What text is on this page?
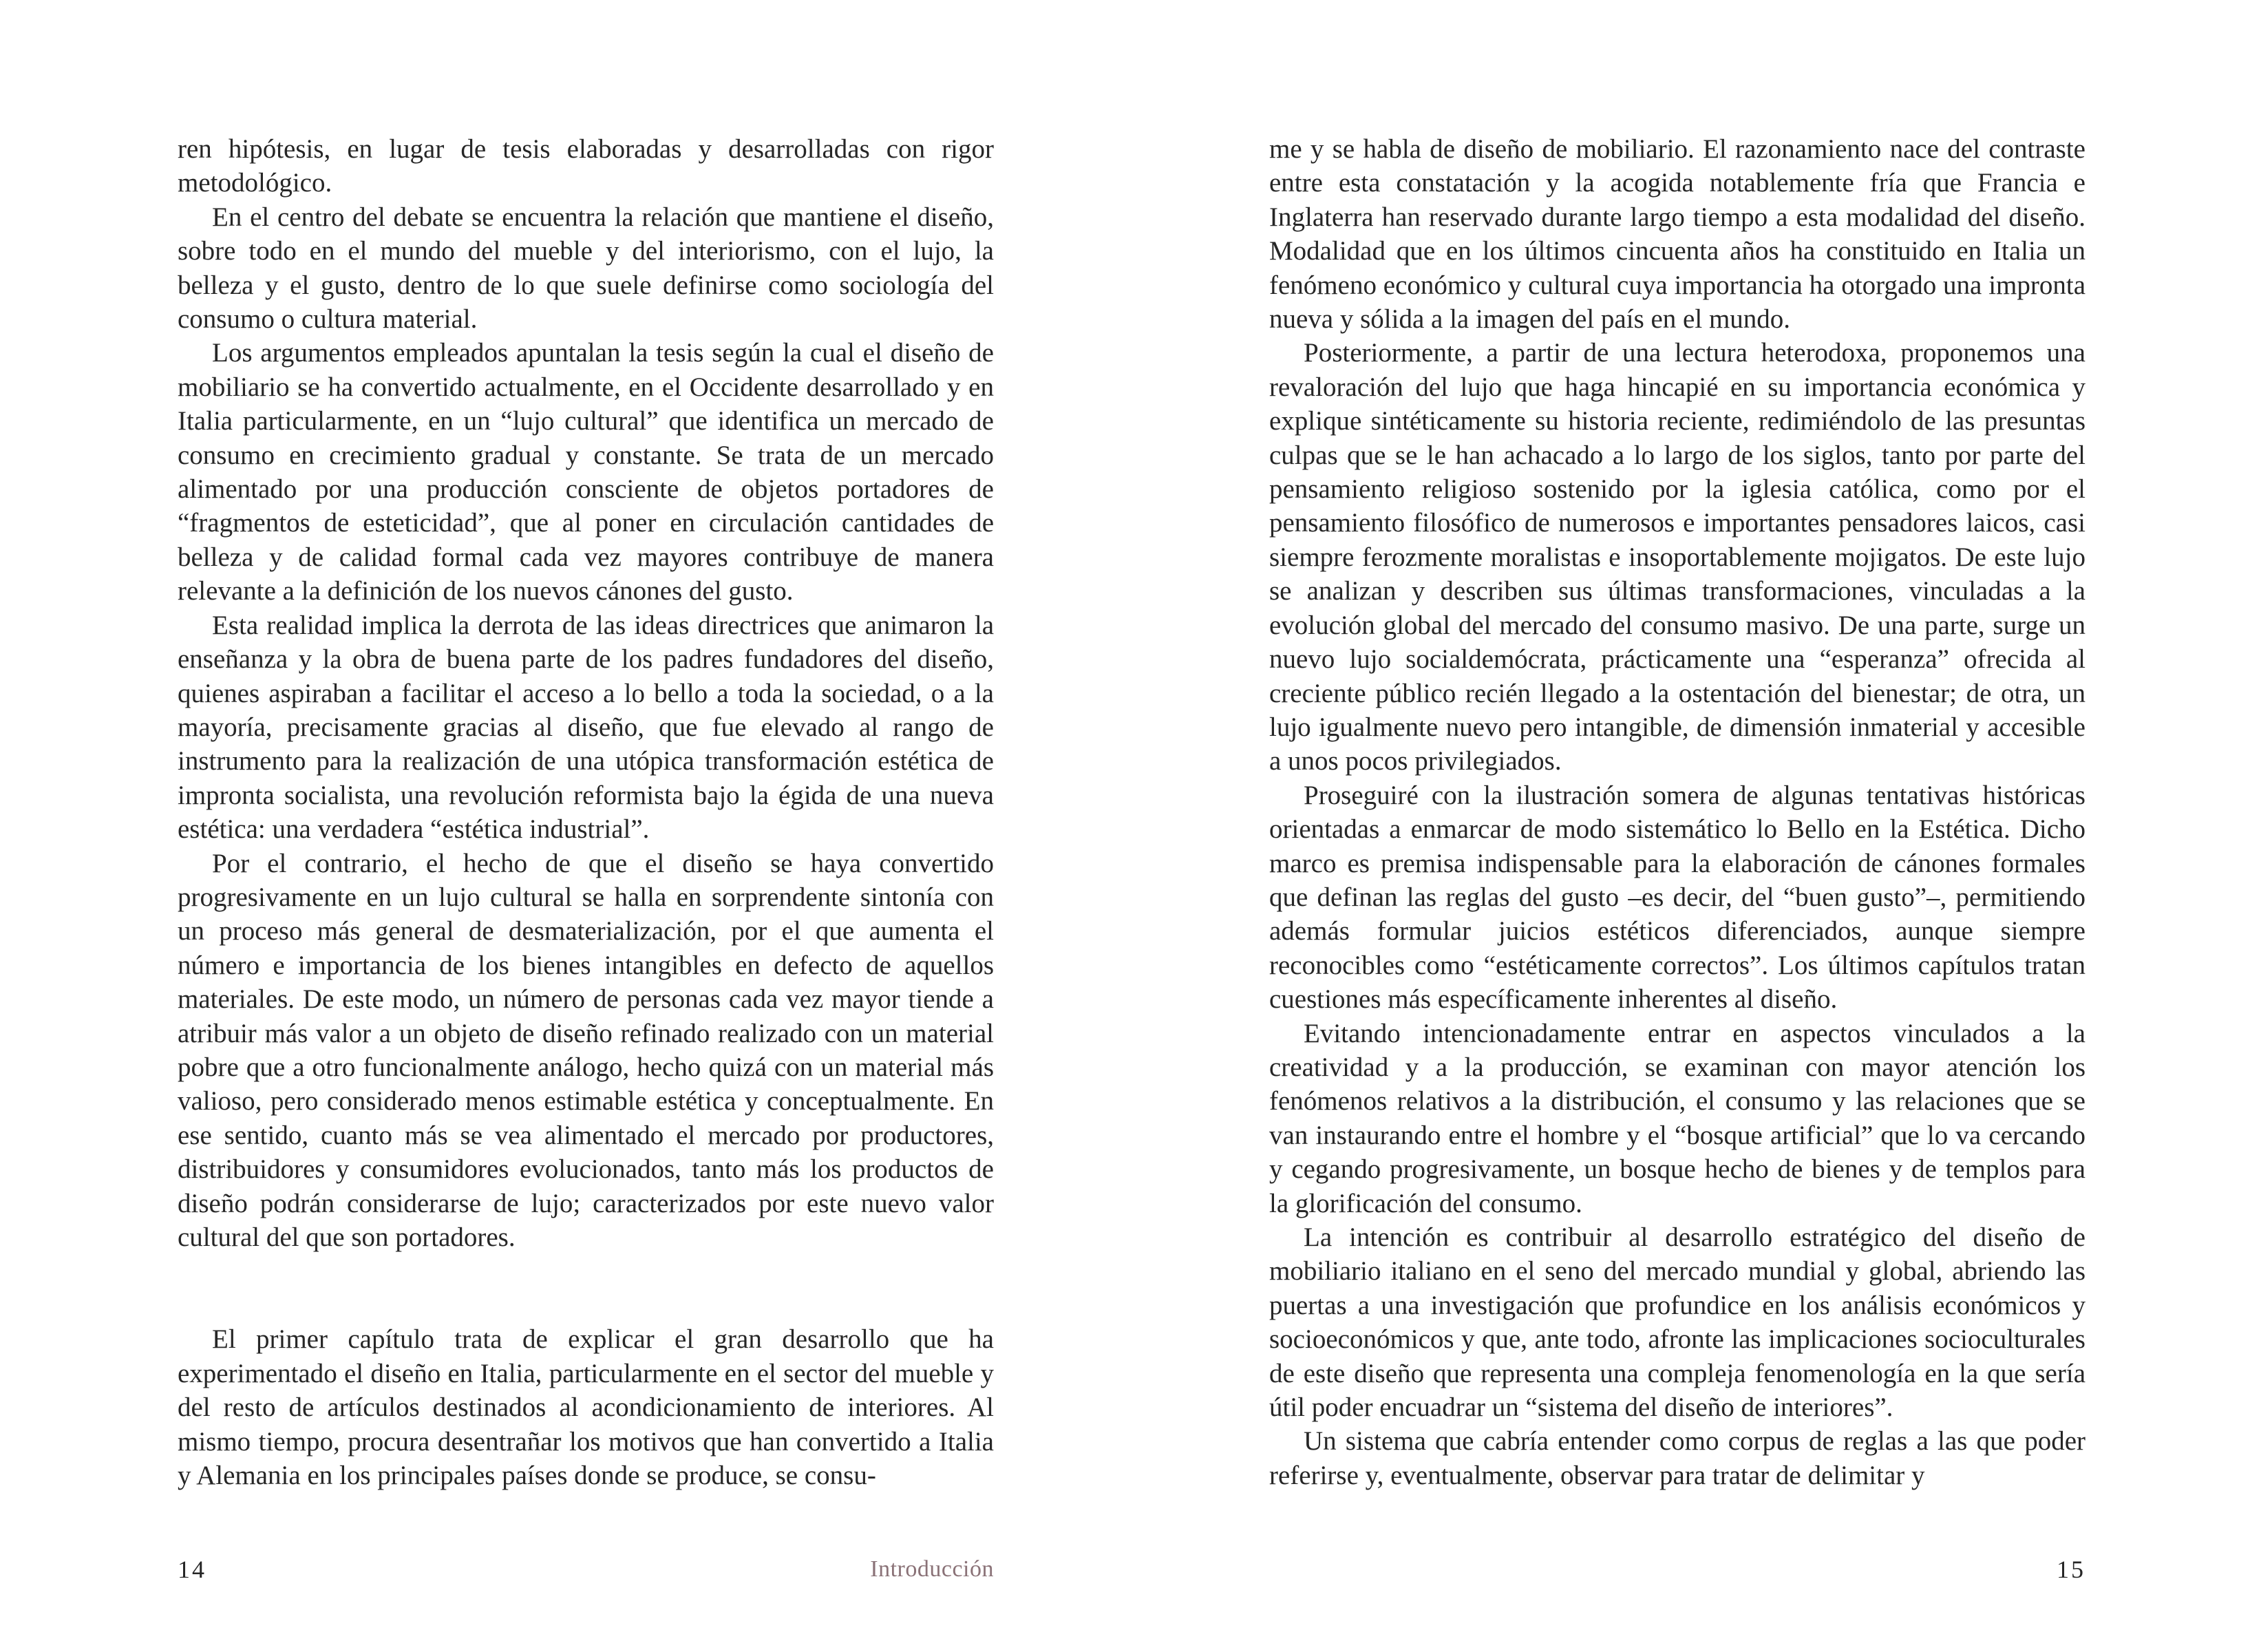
ren hipótesis, en lugar de tesis elaboradas y desarrolladas con rigor metodológico.

En el centro del debate se encuentra la relación que mantiene el diseño, sobre todo en el mundo del mueble y del interiorismo, con el lujo, la belleza y el gusto, dentro de lo que suele definirse como sociología del consumo o cultura material.

Los argumentos empleados apuntalan la tesis según la cual el diseño de mobiliario se ha convertido actualmente, en el Occidente desarrollado y en Italia particularmente, en un “lujo cultural” que identifica un mercado de consumo en crecimiento gradual y constante. Se trata de un mercado alimentado por una producción consciente de objetos portadores de “fragmentos de esteticidad”, que al poner en circulación cantidades de belleza y de calidad formal cada vez mayores contribuye de manera relevante a la definición de los nuevos cánones del gusto.

Esta realidad implica la derrota de las ideas directrices que animaron la enseñanza y la obra de buena parte de los padres fundadores del diseño, quienes aspiraban a facilitar el acceso a lo bello a toda la sociedad, o a la mayoría, precisamente gracias al diseño, que fue elevado al rango de instrumento para la realización de una utópica transformación estética de impronta socialista, una revolución reformista bajo la égida de una nueva estética: una verdadera “estética industrial”.

Por el contrario, el hecho de que el diseño se haya convertido progresivamente en un lujo cultural se halla en sorprendente sintonía con un proceso más general de desmaterialización, por el que aumenta el número e importancia de los bienes intangibles en defecto de aquellos materiales. De este modo, un número de personas cada vez mayor tiende a atribuir más valor a un objeto de diseño refinado realizado con un material pobre que a otro funcionalmente análogo, hecho quizá con un material más valioso, pero considerado menos estimable estética y conceptualmente. En ese sentido, cuanto más se vea alimentado el mercado por productores, distribuidores y consumidores evolucionados, tanto más los productos de diseño podrán considerarse de lujo; caracterizados por este nuevo valor cultural del que son portadores.

El primer capítulo trata de explicar el gran desarrollo que ha experimentado el diseño en Italia, particularmente en el sector del mueble y del resto de artículos destinados al acondicionamiento de interiores. Al mismo tiempo, procura desentrañar los motivos que han convertido a Italia y Alemania en los principales países donde se produce, se consu-

14	Introducción

me y se habla de diseño de mobiliario. El razonamiento nace del contraste entre esta constatación y la acogida notablemente fría que Francia e Inglaterra han reservado durante largo tiempo a esta modalidad del diseño. Modalidad que en los últimos cincuenta años ha constituido en Italia un fenómeno económico y cultural cuya importancia ha otorgado una impronta nueva y sólida a la imagen del país en el mundo.

Posteriormente, a partir de una lectura heterodoxa, proponemos una revaloración del lujo que haga hincapié en su importancia económica y explique sintéticamente su historia reciente, redimiéndolo de las presuntas culpas que se le han achacado a lo largo de los siglos, tanto por parte del pensamiento religioso sostenido por la iglesia católica, como por el pensamiento filosófico de numerosos e importantes pensadores laicos, casi siempre ferozmente moralistas e insoportablemente mojigatos. De este lujo se analizan y describen sus últimas transformaciones, vinculadas a la evolución global del mercado del consumo masivo. De una parte, surge un nuevo lujo socialdemócrata, prácticamente una “esperanza” ofrecida al creciente público recién llegado a la ostentación del bienestar; de otra, un lujo igualmente nuevo pero intangible, de dimensión inmaterial y accesible a unos pocos privilegiados.

Proseguiré con la ilustración somera de algunas tentativas históricas orientadas a enmarcar de modo sistemático lo Bello en la Estética. Dicho marco es premisa indispensable para la elaboración de cánones formales que definan las reglas del gusto –es decir, del “buen gusto”–, permitiendo además formular juicios estéticos diferenciados, aunque siempre reconocibles como “estéticamente correctos”. Los últimos capítulos tratan cuestiones más específicamente inherentes al diseño.

Evitando intencionadamente entrar en aspectos vinculados a la creatividad y a la producción, se examinan con mayor atención los fenómenos relativos a la distribución, el consumo y las relaciones que se van instaurando entre el hombre y el “bosque artificial” que lo va cercando y cegando progresivamente, un bosque hecho de bienes y de templos para la glorificación del consumo.

La intención es contribuir al desarrollo estratégico del diseño de mobiliario italiano en el seno del mercado mundial y global, abriendo las puertas a una investigación que profundice en los análisis económicos y socioeconómicos y que, ante todo, afronte las implicaciones socioculturales de este diseño que representa una compleja fenomenología en la que sería útil poder encuadrar un “sistema del diseño de interiores”.

Un sistema que cabría entender como corpus de reglas a las que poder referirse y, eventualmente, observar para tratar de delimitar y

15
